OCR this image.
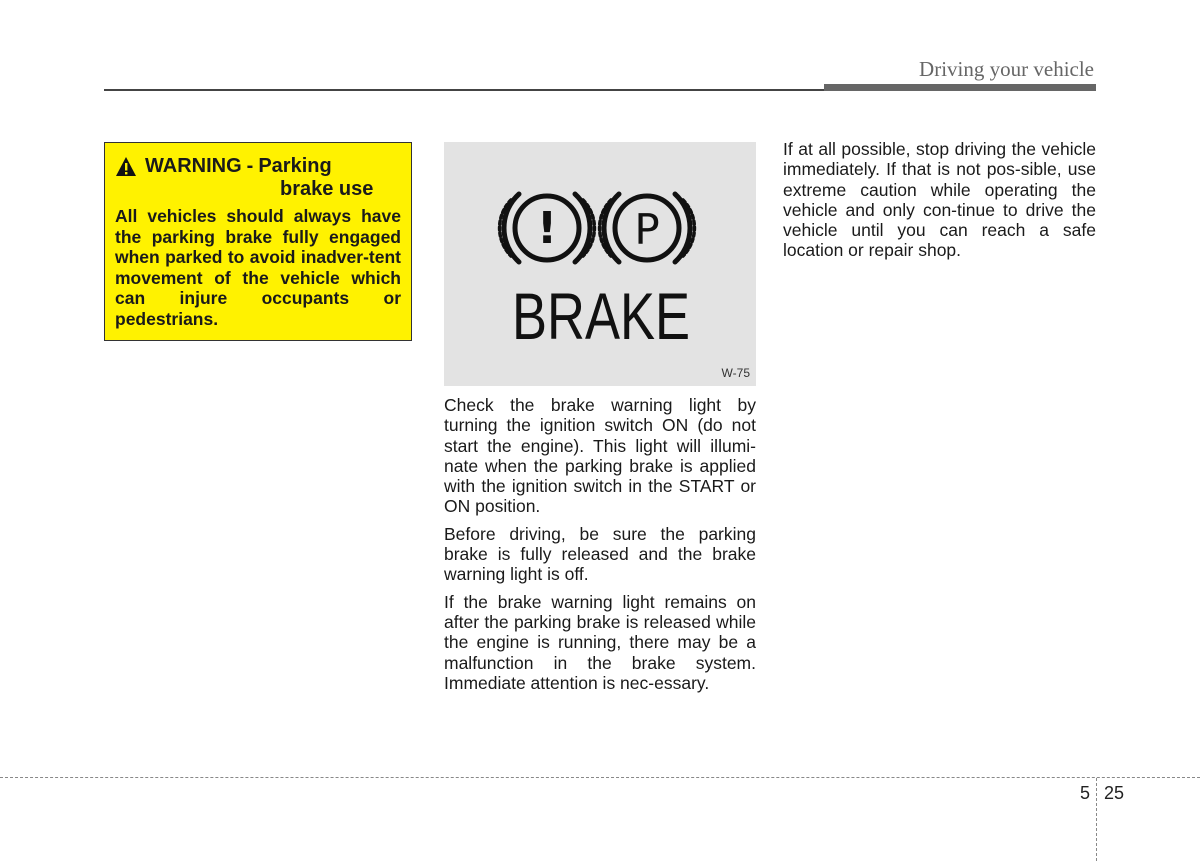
Driving your vehicle
WARNING - Parking
brake use
All vehicles should always have the parking brake fully engaged when parked to avoid inadver-tent movement of the vehicle which can injure occupants or pedestrians.
! P
BRAKE
W-75

Check the brake warning light by turning the ignition switch ON (do not start the engine). This light will illumi-nate when the parking brake is applied with the ignition switch in the START or ON position.

Before driving, be sure the parking brake is fully released and the brake warning light is off.

If the brake warning light remains on after the parking brake is released while the engine is running, there may be a malfunction in the brake system. Immediate attention is nec-essary.

If at all possible, stop driving the vehicle immediately. If that is not pos-sible, use extreme caution while operating the vehicle and only con-tinue to drive the vehicle until you can reach a safe location or repair shop.

5 25
